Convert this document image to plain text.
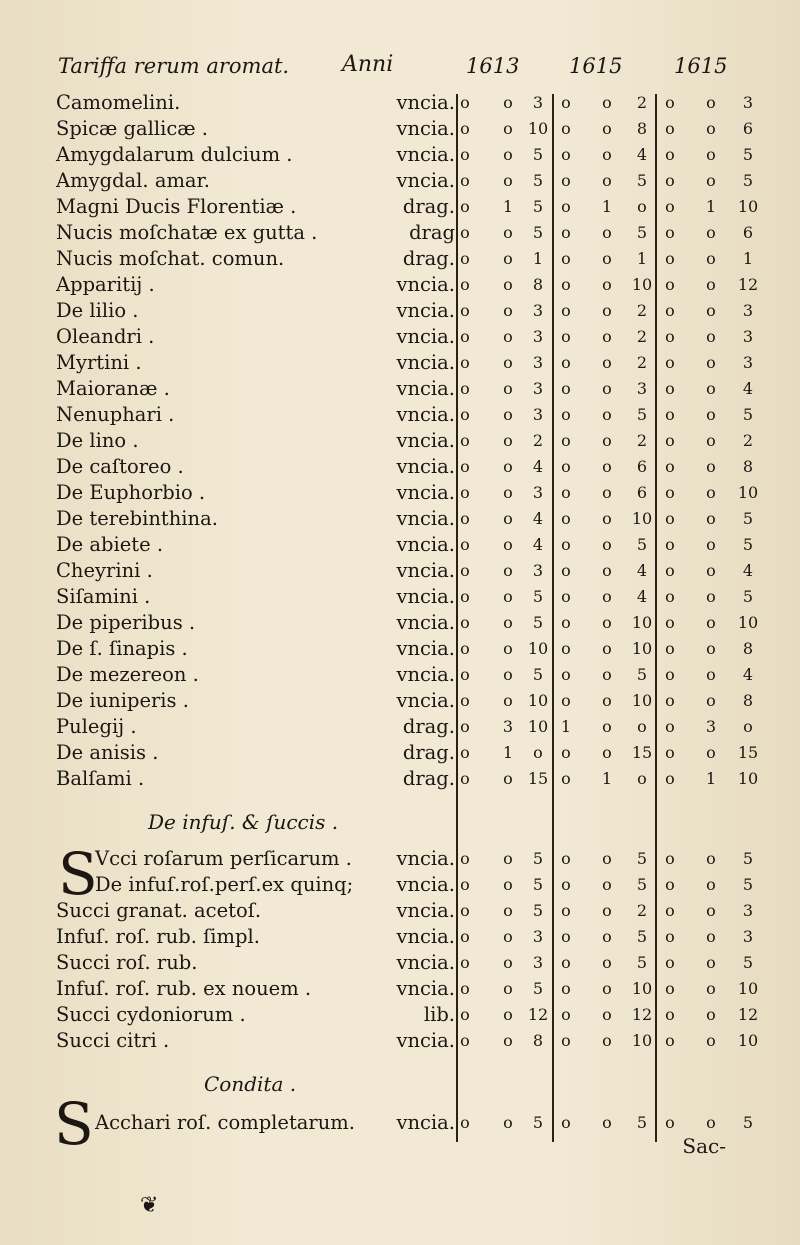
Tariffa rerum aromat. Anni	1613 1615 1615
Camomelini.	vncia. o	o	3	o	o	2	o	o	3
Spicæ gallicæ .	vncia. o	o 10 o	o	8	o	o	6
Amygdalarum dulcium .	vncia. o	o	5	o	o	4	o	o	5
Amygdal. amar.	vncia. o	o	5	o	o	5	o	o	5
Magni Ducis Florentiæ .	drag. o	1	5	o	1	o	o	1	10
Nucis moſchatæ ex gutta .	drag o	o	5	o	o	5	o	o	6
Nucis moſchat. comun.	drag. o	o	1	o	o	1	o	o	1
Apparitij .	vncia. o	o	8	o	o	10 o	o	12
De lilio .	vncia. o	o	3	o	o	2	o	o	3
Oleandri .	vncia. o	o	3	o	o	2	o	o	3
Myrtini .	vncia. o	o	3	o	o	2	o	o	3
Maioranæ .	vncia. o	o	3	o	o	3	o	o	4
Nenuphari .	vncia. o	o	3	o	o	5	o	o	5
De lino .	vncia. o	o	2	o	o	2	o	o	2
De caſtoreo .	vncia. o	o	4	o	o	6	o	o	8
De Euphorbio .	vncia. o	o	3	o	o	6	o	o	10
De terebinthina.	vncia. o	o	4	o	o	10 o	o	5
De abiete .	vncia. o	o	4	o	o	5	o	o	5
Cheyrini .	vncia. o	o	3	o	o	4	o	o	4
Siſamini .	vncia. o	o	5	o	o	4	o	o	5
De piperibus .	vncia. o	o	5	o	o	10 o	o	10
De ſ. ſinapis .	vncia. o	o 10 o	o	10 o	o	8
De mezereon .	vncia. o	o	5	o	o	5	o	o	4
De iuniperis .	vncia. o	o 10 o	o	10 o	o	8
Pulegij .	drag. o	3 10 1	o	o	o	3	o
De anisis .	drag. o	1	o	o	o	15 o	o	15
Balſami .	drag. o	o 15 o	1	o	o	1	10
De infuſ. & ſuccis .
S
Vcci roſarum perſicarum . vncia. o	o	5	o	o	5	o	o	5
De infuſ.roſ.perſ.ex quinq; vncia. o	o	5	o	o	5	o	o	5
Succi granat. acetoſ.	vncia. o	o	5	o	o	2	o	o	3
Infuſ. roſ. rub. ſimpl.	vncia. o	o	3	o	o	5	o	o	3
Succi roſ. rub.	vncia. o	o	3	o	o	5	o	o	5
Infuſ. roſ. rub. ex nouem .	vncia. o	o	5	o	o	10 o	o	10
Succi cydoniorum .	lib. o	o 12 o	o	12 o	o	12
Succi citri .	vncia. o	o	8	o	o	10 o	o	10
Condita .
S Acchari roſ. completarum. vncia. o	o	5	o	o	5	o	o	5
Sac-
❦
